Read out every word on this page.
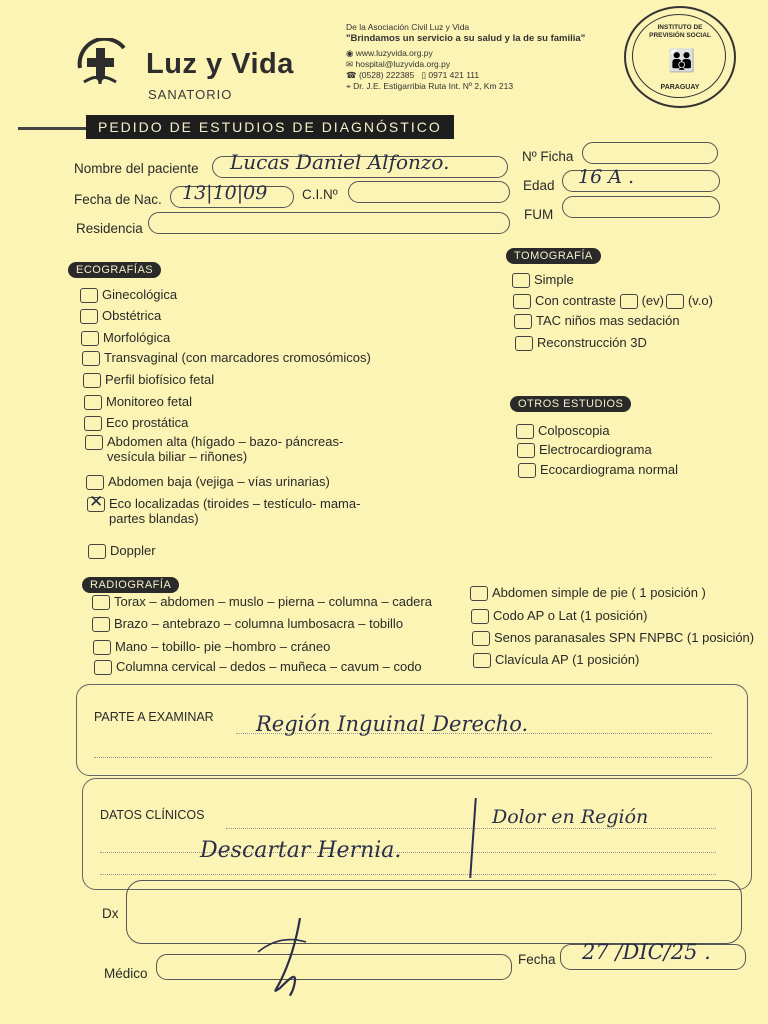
Luz y Vida
SANATORIO
De la Asociación Civil Luz y Vida
"Brindamos un servicio a su salud y la de su familia"
◉ www.luzyvida.org.py
✉ hospital@luzyvida.org.py
☎ (0528) 222385 ▯ 0971 421 111
⌖ Dr. J.E. Estigarribia Ruta Int. Nº 2, Km 213
INSTITUTO DE PREVISIÓN SOCIAL
👪
PARAGUAY
PEDIDO DE ESTUDIOS DE DIAGNÓSTICO
Nombre del paciente Lucas Daniel Alfonzo.
Fecha de Nac. 13|10|09	C.I.Nº
Residencia
Nº Ficha
Edad 16 A .
FUM
ECOGRAFÍAS
Ginecológica
Obstétrica
Morfológica
Transvaginal (con marcadores cromosómicos)
Perfil biofísico fetal
Monitoreo fetal
Eco prostática
Abdomen alta (hígado – bazo- páncreas-
vesícula biliar – riñones)
Abdomen baja (vejiga – vías urinarias)
✕
Eco localizadas (tiroides – testículo- mama-
partes blandas)
Doppler
TOMOGRAFÍA
Simple
Con contraste
(ev) (v.o)
TAC niños mas sedación
Reconstrucción 3D
OTROS ESTUDIOS
Colposcopia
Electrocardiograma
Ecocardiograma normal
RADIOGRAFÍA
Torax – abdomen – muslo – pierna – columna – cadera
Brazo – antebrazo – columna lumbosacra – tobillo
Mano – tobillo- pie –hombro – cráneo
Columna cervical – dedos – muñeca – cavum – codo
Abdomen simple de pie ( 1 posición )
Codo AP o Lat (1 posición)
Senos paranasales SPN FNPBC (1 posición)
Clavícula AP (1 posición)
PARTE A EXAMINAR Región Inguinal Derecho.
DATOS CLÍNICOS
Descartar Hernia.
Dolor en Región
Dx
Médico
Fecha 27 /DIC/25 .
